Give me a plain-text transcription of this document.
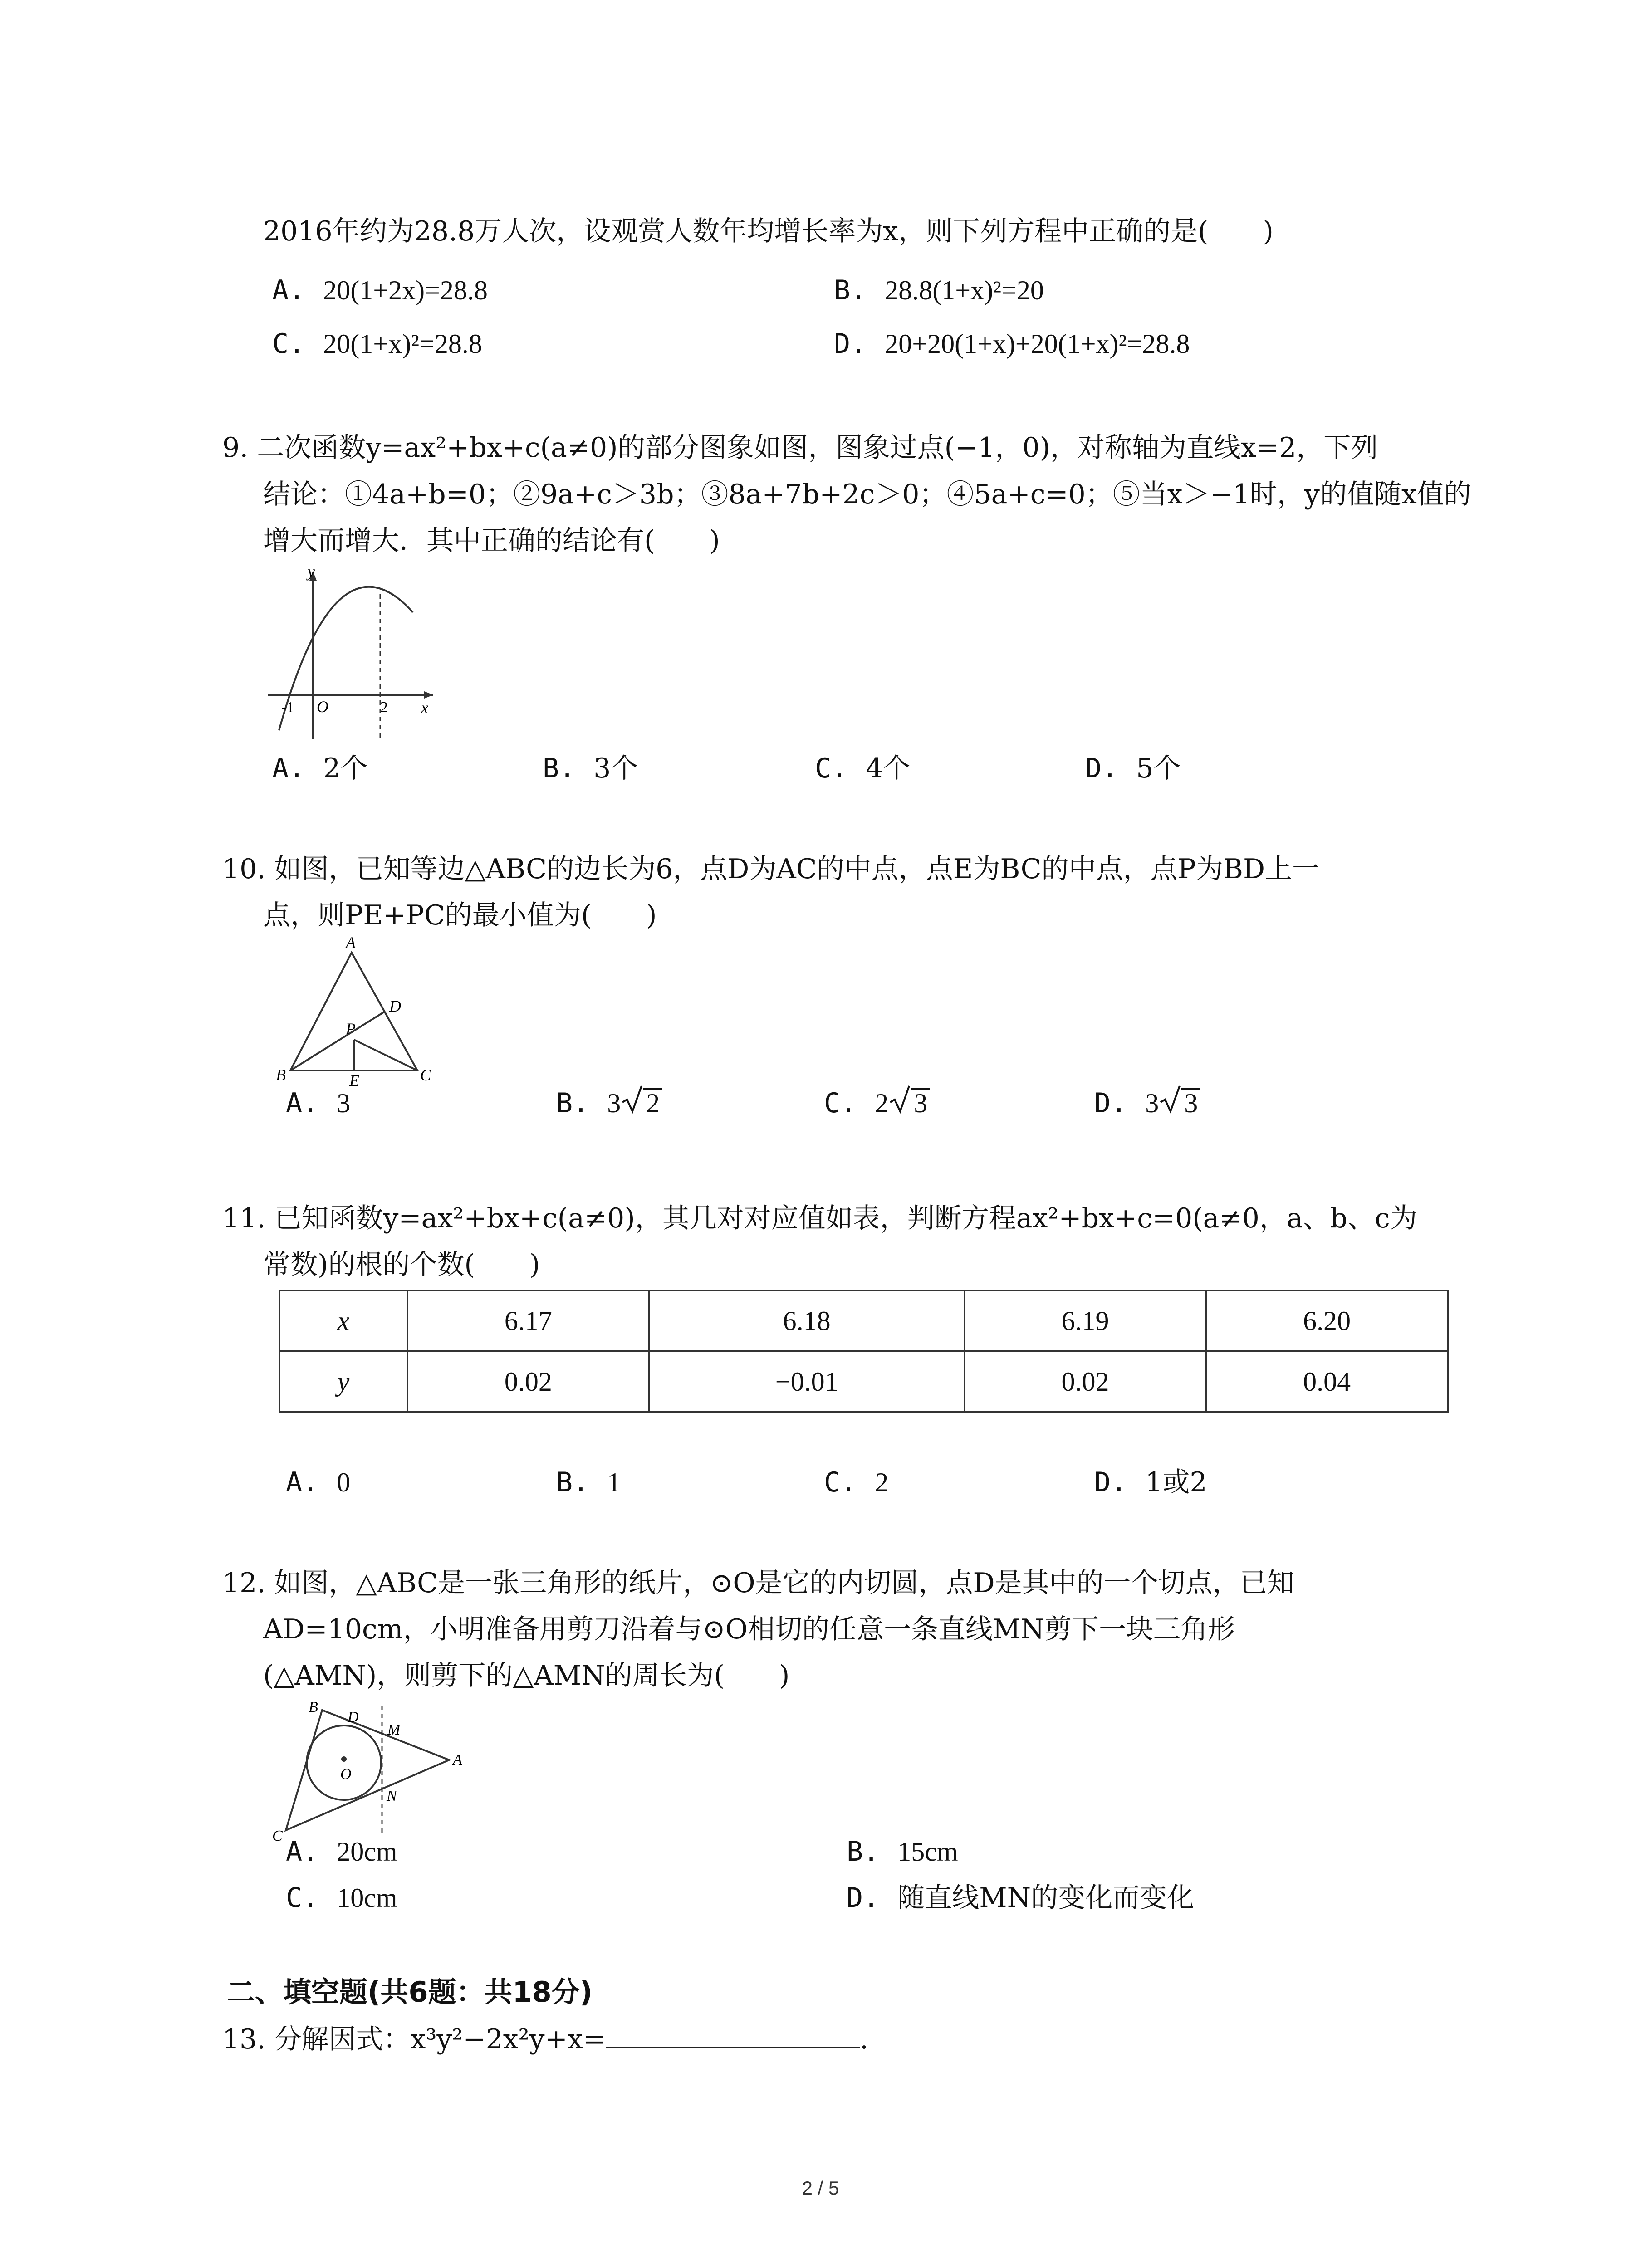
2016年约为28.8万人次，设观赏人数年均增长率为x，则下列方程中正确的是(　　)
A. 20(1+2x)=28.8	B. 28.8(1+x)²=20
C. 20(1+x)²=28.8	D. 20+20(1+x)+20(1+x)²=28.8
9. 二次函数y=ax²+bx+c(a≠0)的部分图象如图，图象过点(−1，0)，对称轴为直线x=2，下列
结论：①4a+b=0；②9a+c＞3b；③8a+7b+2c＞0；④5a+c=0；⑤当x＞−1时，y的值随x值的
增大而增大．其中正确的结论有(　　)
y
x
O
-1	2
A. 2个	B. 3个	C. 4个	D. 5个
10. 如图，已知等边△ABC的边长为6，点D为AC的中点，点E为BC的中点，点P为BD上一
点，则PE+PC的最小值为(　　)
A
B	C
D
E
P
A. 3	B. 3 2	C. 2 3	D. 3 3
11. 已知函数y=ax²+bx+c(a≠0)，其几对对应值如表，判断方程ax²+bx+c=0(a≠0，a、b、c为
常数)的根的个数(　　)
x	6.17	6.18	6.19	6.20
y	0.02	−0.01	0.02	0.04
A. 0	B. 1	C. 2	D. 1或2
12. 如图，△ABC是一张三角形的纸片，⊙O是它的内切圆，点D是其中的一个切点，已知
AD=10cm，小明准备用剪刀沿着与⊙O相切的任意一条直线MN剪下一块三角形
(△AMN)，则剪下的△AMN的周长为(　　)
B
D
M
A
O
N
C A. 20cm	B. 15cm
C. 10cm	D. 随直线MN的变化而变化
二、填空题(共6题：共18分)
13. 分解因式：x³y²−2x²y+x=	.
2 / 5
